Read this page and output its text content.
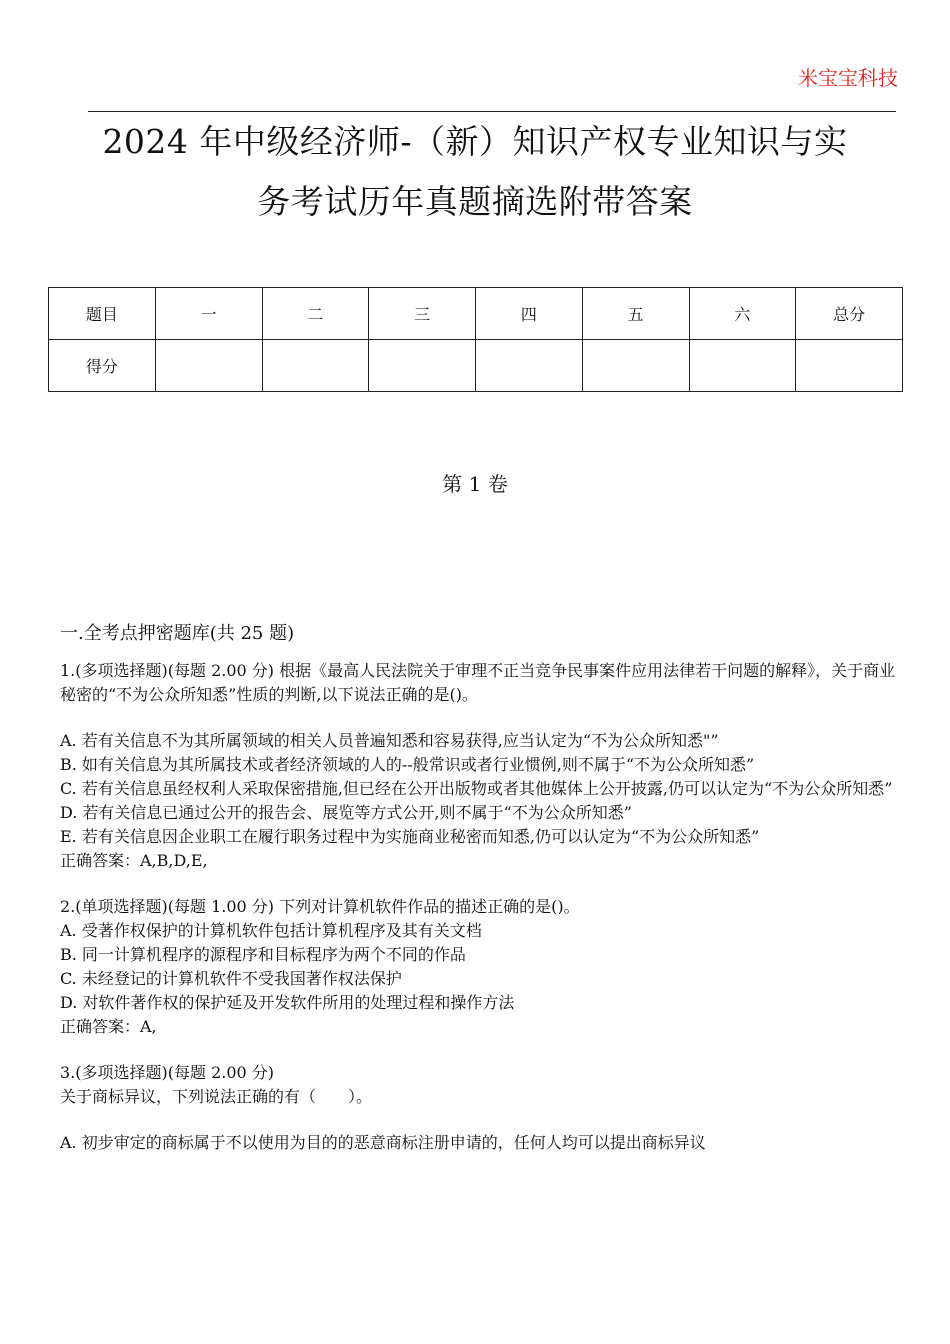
米宝宝科技
2024 年中级经济师-（新）知识产权专业知识与实
务考试历年真题摘选附带答案
题目	一	二	三	四	五	六	总分
得分							
第 1 卷
一.全考点押密题库(共 25 题)

1.(多项选择题)(每题 2.00 分) 根据《最高人民法院关于审理不正当竞争民事案件应用法律若干问题的解释》，关于商业秘密的“不为公众所知悉”性质的判断,以下说法正确的是()。

A. 若有关信息不为其所属领域的相关人员普遍知悉和容易获得,应当认定为“不为公众所知悉"”

B. 如有关信息为其所属技术或者经济领域的人的--般常识或者行业惯例,则不属于“不为公众所知悉”

C. 若有关信息虽经权利人采取保密措施,但已经在公开出版物或者其他媒体上公开披露,仍可以认定为“不为公众所知悉”

D. 若有关信息已通过公开的报告会、展览等方式公开,则不属于“不为公众所知悉”

E. 若有关信息因企业职工在履行职务过程中为实施商业秘密而知悉,仍可以认定为“不为公众所知悉”

正确答案：A,B,D,E,

2.(单项选择题)(每题 1.00 分) 下列对计算机软件作品的描述正确的是()。

A. 受著作权保护的计算机软件包括计算机程序及其有关文档

B. 同一计算机程序的源程序和目标程序为两个不同的作品

C. 未经登记的计算机软件不受我国著作权法保护

D. 对软件著作权的保护延及开发软件所用的处理过程和操作方法

正确答案：A,

3.(多项选择题)(每题 2.00 分)

关于商标异议，下列说法正确的有（　　）。

A. 初步审定的商标属于不以使用为目的的恶意商标注册申请的，任何人均可以提出商标异议
